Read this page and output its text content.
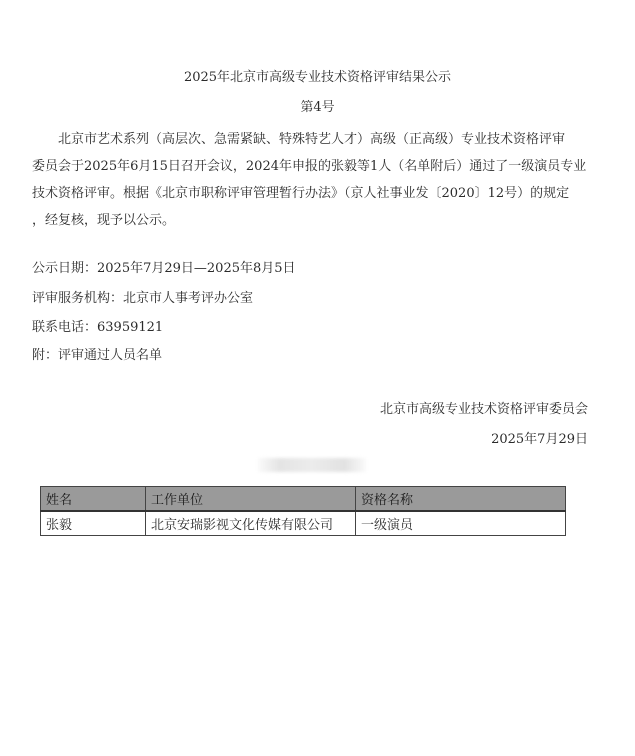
2025年北京市高级专业技术资格评审结果公示
第4号
北京市艺术系列（高层次、急需紧缺、特殊特艺人才）高级（正高级）专业技术资格评审
委员会于2025年6月15日召开会议，2024年申报的张毅等1人（名单附后）通过了一级演员专业
技术资格评审。根据《北京市职称评审管理暂行办法》（京人社事业发〔2020〕12号）的规定
，经复核，现予以公示。
公示日期：2025年7月29日—2025年8月5日
评审服务机构：北京市人事考评办公室
联系电话：63959121
附：评审通过人员名单
北京市高级专业技术资格评审委员会
2025年7月29日
姓名	工作单位	资格名称
张毅	北京安瑞影视文化传媒有限公司	一级演员
